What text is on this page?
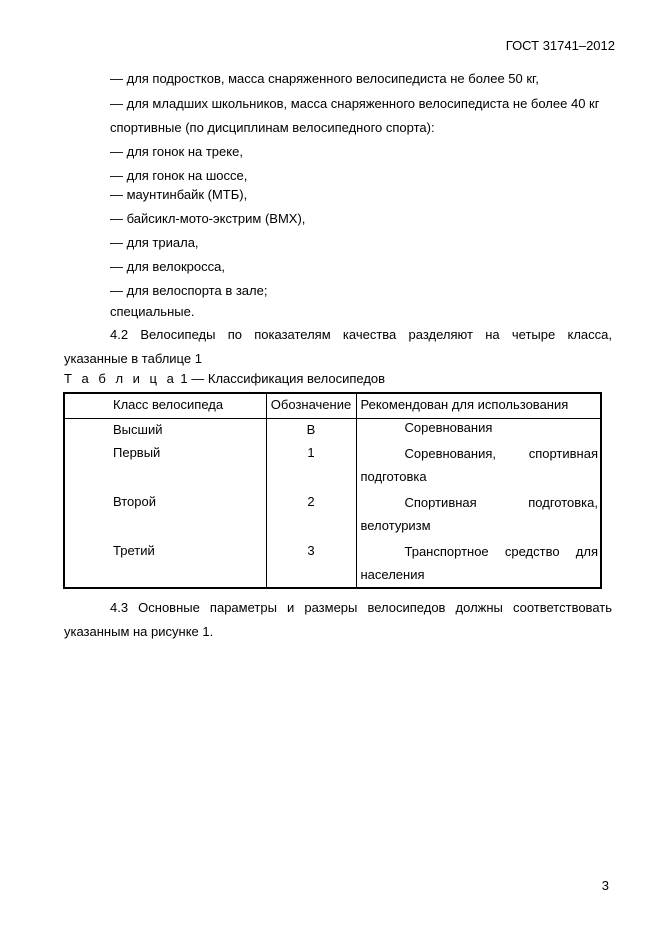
ГОСТ 31741–2012
— для подростков, масса снаряженного велосипедиста не более 50 кг,
— для младших школьников, масса снаряженного велосипедиста не более 40 кг
спортивные (по дисциплинам велосипедного спорта):
— для гонок на треке,
— для гонок на шоссе,
— маунтинбайк (МТБ),
— байсикл-мото-экстрим (ВМХ),
— для триала,
— для велокросса,
— для велоспорта в зале;
специальные.
4.2 Велосипеды по показателям качества разделяют на четыре класса,
указанные в таблице 1
Т а б л и ц а 1 — Классификация велосипедов
Класс велосипеда	Обозначение	Рекомендован для использования
Высший	В	Соревнования

Первый	1	Соревнования, спортивная подготовка

Второй	2	Спортивная подготовка, велотуризм

Третий	3	Транспортное средство для населения
4.3 Основные параметры и размеры велосипедов должны соответствовать
указанным на рисунке 1.
3
